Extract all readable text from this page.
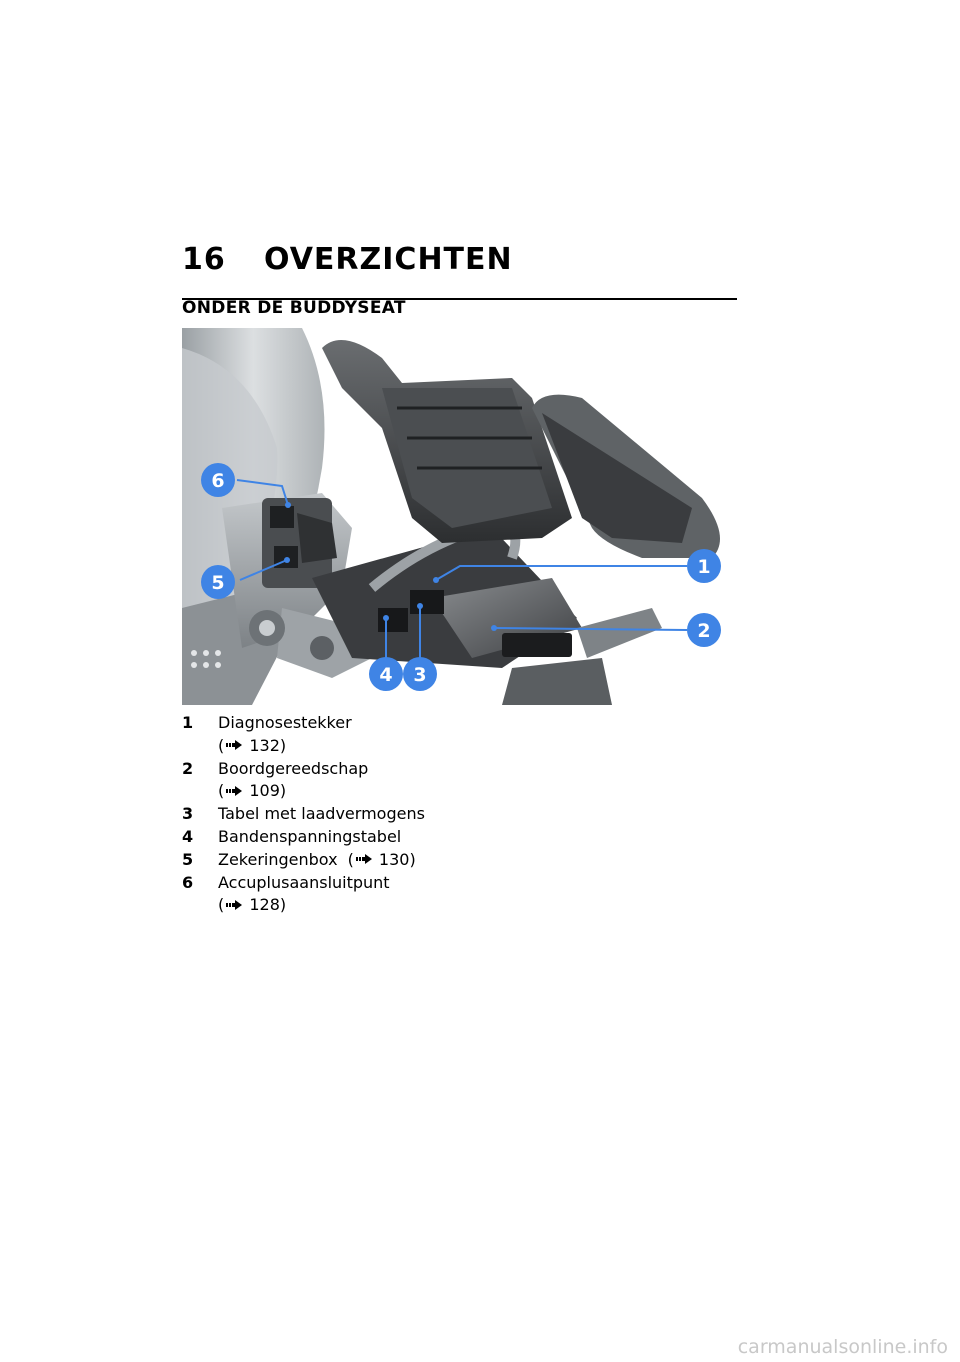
16 OVERZICHTEN
ONDER DE BUDDYSEAT
6
5
1
2
4 3
1 Diagnosestekker
( 132)
2 Boordgereedschap
( 109)
3 Tabel met laadvermogens
4 Bandenspanningstabel
5 Zekeringenbox ( 130)
6 Accuplusaansluitpunt
( 128)
carmanualsonline.info
